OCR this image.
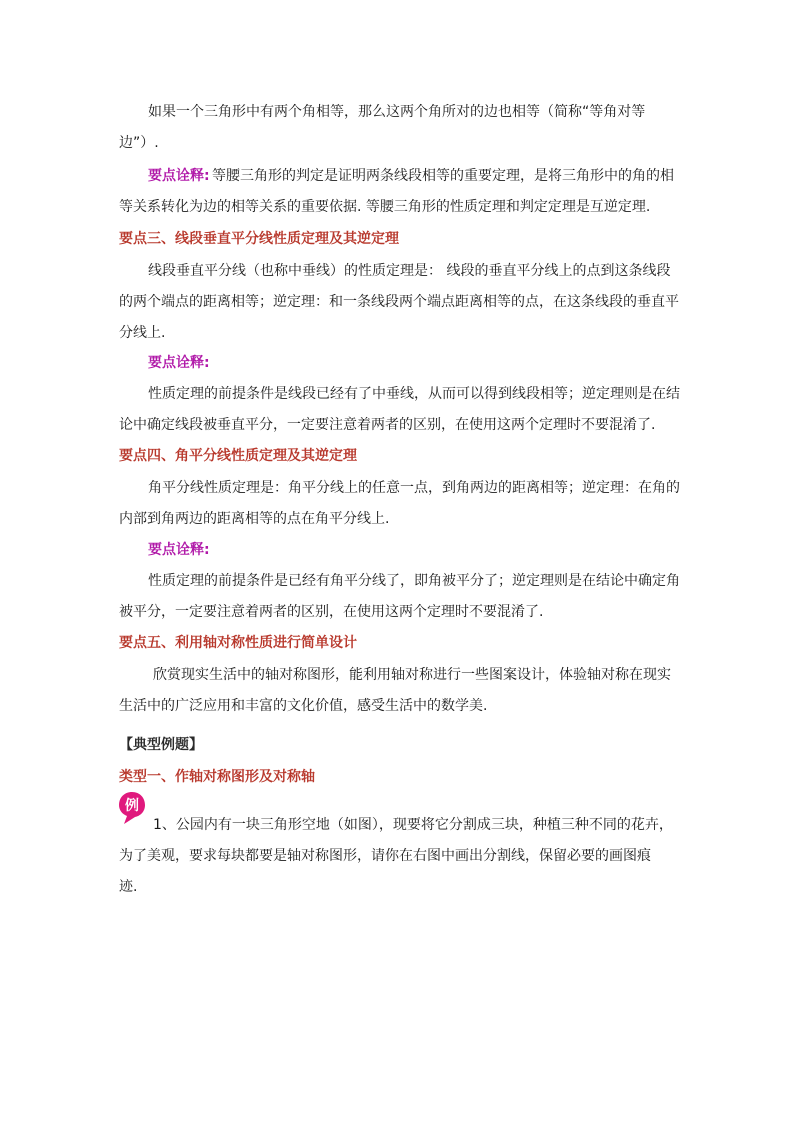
如果一个三角形中有两个角相等，那么这两个角所对的边也相等（简称“等角对等
边”）.
要点诠释: 等腰三角形的判定是证明两条线段相等的重要定理，是将三角形中的角的相
等关系转化为边的相等关系的重要依据. 等腰三角形的性质定理和判定定理是互逆定理.
要点三、线段垂直平分线性质定理及其逆定理
线段垂直平分线（也称中垂线）的性质定理是： 线段的垂直平分线上的点到这条线段
的两个端点的距离相等；逆定理：和一条线段两个端点距离相等的点，在这条线段的垂直平
分线上.
要点诠释:
性质定理的前提条件是线段已经有了中垂线，从而可以得到线段相等；逆定理则是在结
论中确定线段被垂直平分，一定要注意着两者的区别，在使用这两个定理时不要混淆了.
要点四、角平分线性质定理及其逆定理
角平分线性质定理是：角平分线上的任意一点，到角两边的距离相等；逆定理：在角的
内部到角两边的距离相等的点在角平分线上.
要点诠释:
性质定理的前提条件是已经有角平分线了，即角被平分了；逆定理则是在结论中确定角
被平分，一定要注意着两者的区别，在使用这两个定理时不要混淆了.
要点五、利用轴对称性质进行简单设计
欣赏现实生活中的轴对称图形，能利用轴对称进行一些图案设计，体验轴对称在现实
生活中的广泛应用和丰富的文化价值，感受生活中的数学美.
【典型例题】
类型一、作轴对称图形及对称轴
例
1、公园内有一块三角形空地（如图），现要将它分割成三块，种植三种不同的花卉，
为了美观，要求每块都要是轴对称图形，请你在右图中画出分割线，保留必要的画图痕
迹.
